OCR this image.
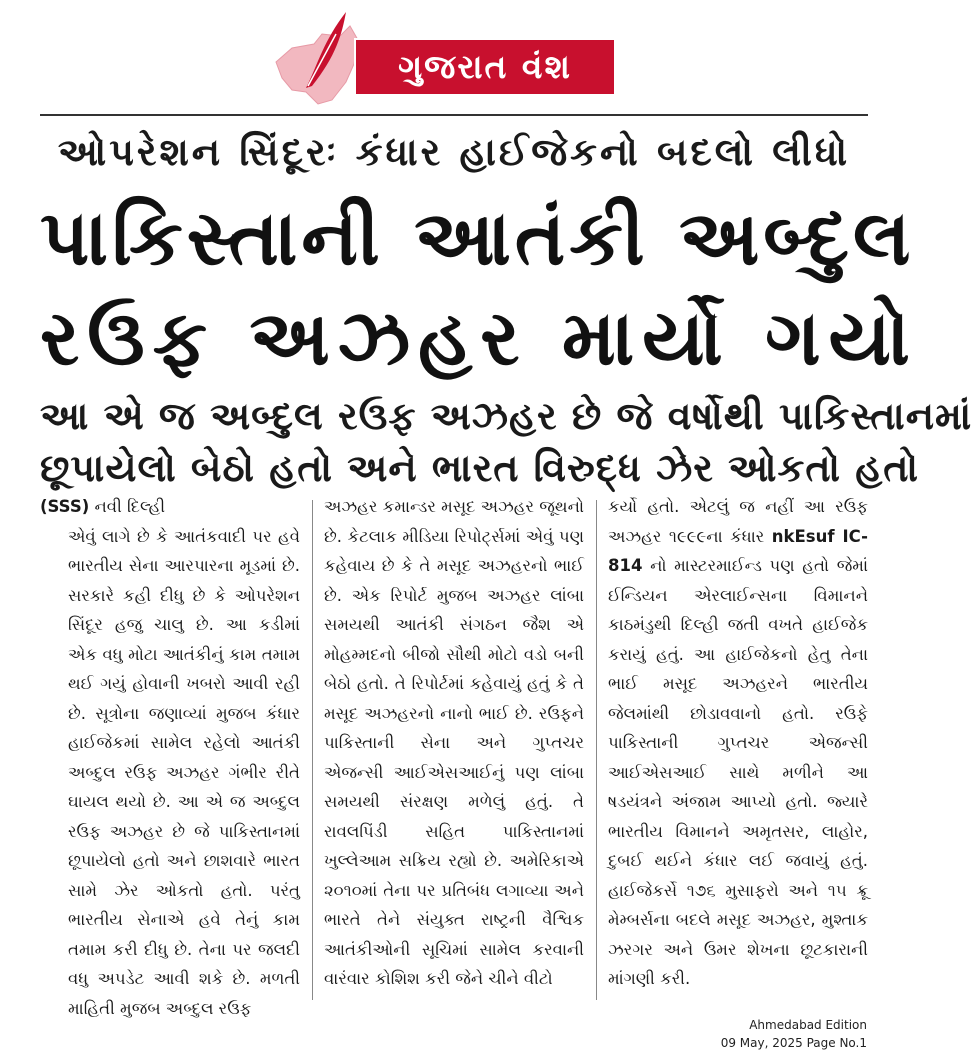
ગુજરાત વંશ
ઓપરેશન સિંદૂરઃ કંધાર હાઈજેકનો બદલો લીધો
પાકિસ્તાની આતંકી અબ્દુલ
રઉફ અઝહર માર્યો ગયો
આ એ જ અબ્દુલ રઉફ અઝહર છે જે વર્ષોથી પાકિસ્તાનમાં
છૂપાયેલો બેઠો હતો અને ભારત વિરુદ્ધ ઝેર ઓકતો હતો

(SSS) નવી દિલ્હી

એવું લાગે છે કે આતંકવાદી પર હવે ભારતીય સેના આરપારના મૂડમાં છે. સરકારે કહી દીધુ છે કે ઓપરેશન સિંદૂર હજુ ચાલુ છે. આ કડીમાં એક વધુ મોટા આતંકીનું કામ તમામ થઈ ગયું હોવાની ખબરો આવી રહી છે. સૂત્રોના જણાવ્યાં મુજબ કંધાર હાઈજેકમાં સામેલ રહેલો આતંકી અબ્દુલ રઉફ અઝહર ગંભીર રીતે ઘાયલ થયો છે. આ એ જ અબ્દુલ રઉફ અઝહર છે જે પાકિસ્તાનમાં છૂપાયેલો હતો અને છાશવારે ભારત સામે ઝેર ઓકતો હતો. પરંતુ ભારતીય સેનાએ હવે તેનું કામ તમામ કરી દીધુ છે. તેના પર જલદી વધુ અપડેટ આવી શકે છે. મળતી માહિતી મુજબ અબ્દુલ રઉફ

અઝહર કમાન્ડર મસૂદ અઝહર જૂથનો છે. કેટલાક મીડિયા રિપોર્ટ્સમાં એવું પણ કહેવાય છે કે તે મસૂદ અઝહરનો ભાઈ છે. એક રિપોર્ટ મુજબ અઝહર લાંબા સમયથી આતંકી સંગઠન જૈશ એ મોહમ્મદનો બીજો સૌથી મોટો વડો બની બેઠો હતો. તે રિપોર્ટમાં કહેવાયું હતું કે તે મસૂદ અઝહરનો નાનો ભાઈ છે. રઉફને પાકિસ્તાની સેના અને ગુપ્તચર એજન્સી આઈએસઆઈનું પણ લાંબા સમયથી સંરક્ષણ મળેલું હતું. તે રાવલપિંડી સહિત પાકિસ્તાનમાં ખુલ્લેઆમ સક્રિય રહ્યો છે. અમેરિકાએ ૨૦૧૦માં તેના પર પ્રતિબંધ લગાવ્યા અને ભારતે તેને સંયુક્ત રાષ્ટ્રની વૈશ્વિક આતંકીઓની સૂચિમાં સામેલ કરવાની વારંવાર કોશિશ કરી જેને ચીને વીટો

કર્યો હતો. એટલું જ નહીં આ રઉફ અઝહર ૧૯૯૯ના કંધાર nkEsuf IC-814 નો માસ્ટરમાઈન્ડ પણ હતો જેમાં ઈન્ડિયન એરલાઈન્સના વિમાનને કાઠમંડુથી દિલ્હી જતી વખતે હાઈજેક કરાયું હતું. આ હાઈજેકનો હેતુ તેના ભાઈ મસૂદ અઝહરને ભારતીય જેલમાંથી છોડાવવાનો હતો. રઉફે પાકિસ્તાની ગુપ્તચર એજન્સી આઈએસઆઈ સાથે મળીને આ ષડયંત્રને અંજામ આપ્યો હતો. જ્યારે ભારતીય વિમાનને અમૃતસર, લાહોર, દુબઈ થઈને કંધાર લઈ જવાયું હતું. હાઈજેકર્સે ૧૭૬ મુસાફરો અને ૧૫ ક્રૂ મેમ્બર્સના બદલે મસૂદ અઝહર, મુશ્તાક ઝરગર અને ઉમર શેખના છૂટકારાની માંગણી કરી.

Ahmedabad Edition
09 May, 2025 Page No.1
